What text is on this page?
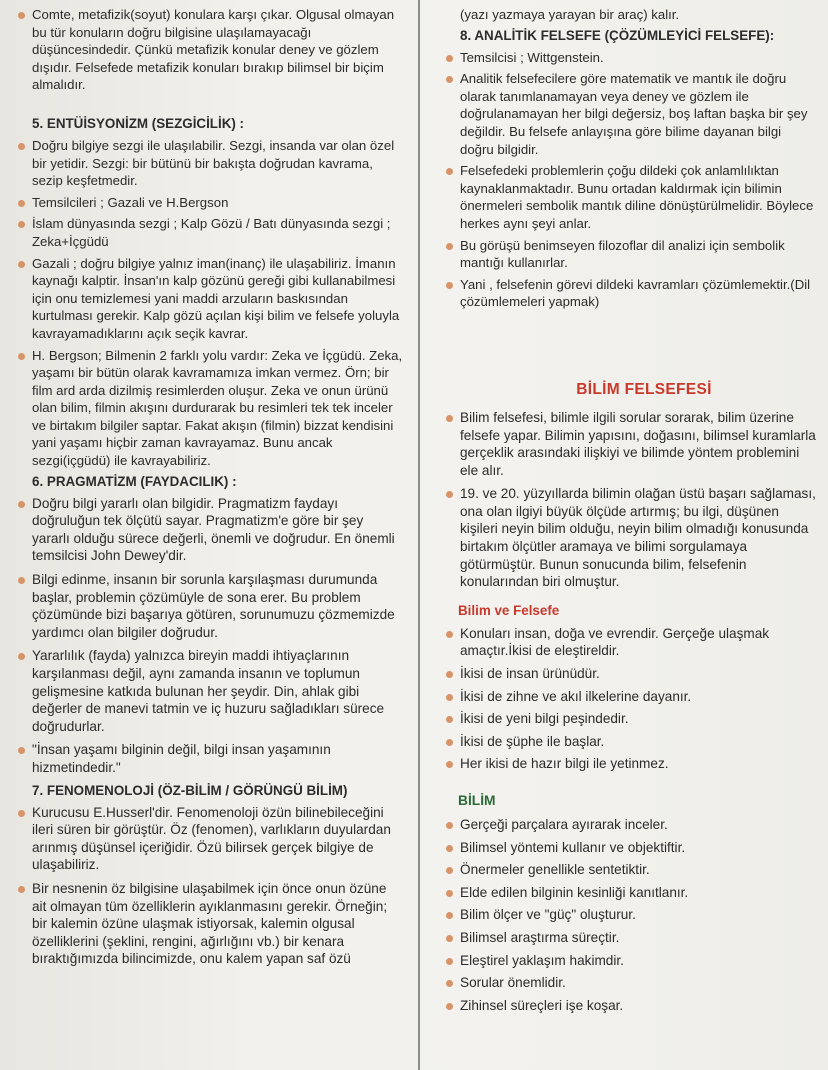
Comte, metafizik(soyut) konulara karşı çıkar. Olgusal olmayan bu tür konuların doğru bilgisine ulaşılamayacağı düşüncesindedir. Çünkü metafizik konular deney ve gözlem dışıdır. Felsefede metafizik konuları bırakıp bilimsel bir biçim almalıdır.
5. ENTÜİSYONİZM (SEZGİCİLİK) :
Doğru bilgiye sezgi ile ulaşılabilir. Sezgi, insanda var olan özel bir yetidir. Sezgi: bir bütünü bir bakışta doğrudan kavrama, sezip keşfetmedir.
Temsilcileri ; Gazali ve H.Bergson
İslam dünyasında sezgi ; Kalp Gözü / Batı dünyasında sezgi ; Zeka+İçgüdü
Gazali ; doğru bilgiye yalnız iman(inanç) ile ulaşabiliriz. İmanın kaynağı kalptir. İnsan'ın kalp gözünü gereği gibi kullanabilmesi için onu temizlemesi yani maddi arzuların baskısından kurtulması gerekir. Kalp gözü açılan kişi bilim ve felsefe yoluyla kavrayamadıklarını açık seçik kavrar.
H. Bergson; Bilmenin 2 farklı yolu vardır: Zeka ve İçgüdü. Zeka, yaşamı bir bütün olarak kavramamıza imkan vermez. Örn; bir film ard arda dizilmiş resimlerden oluşur. Zeka ve onun ürünü olan bilim, filmin akışını durdurarak bu resimleri tek tek inceler ve birtakım bilgiler saptar. Fakat akışın (filmin) bizzat kendisini yani yaşamı hiçbir zaman kavrayamaz. Bunu ancak sezgi(içgüdü) ile kavrayabiliriz.
6. PRAGMATİZM (FAYDACILIK) :
Doğru bilgi yararlı olan bilgidir. Pragmatizm faydayı doğruluğun tek ölçütü sayar. Pragmatizm'e göre bir şey yararlı olduğu sürece değerli, önemli ve doğrudur. En önemli temsilcisi John Dewey'dir.
Bilgi edinme, insanın bir sorunla karşılaşması durumunda başlar, problemin çözümüyle de sona erer. Bu problem çözümünde bizi başarıya götüren, sorunumuzu çözmemizde yardımcı olan bilgiler doğrudur.
Yararlılık (fayda) yalnızca bireyin maddi ihtiyaçlarının karşılanması değil, aynı zamanda insanın ve toplumun gelişmesine katkıda bulunan her şeydir. Din, ahlak gibi değerler de manevi tatmin ve iç huzuru sağladıkları sürece doğrudurlar.
"İnsan yaşamı bilginin değil, bilgi insan yaşamının hizmetindedir."
7. FENOMENOLOJİ (ÖZ-BİLİM / GÖRÜNGÜ BİLİM)
Kurucusu E.Husserl'dir. Fenomenoloji özün bilinebileceğini ileri süren bir görüştür. Öz (fenomen), varlıkların duyulardan arınmış düşünsel içeriğidir. Özü bilirsek gerçek bilgiye de ulaşabiliriz.
Bir nesnenin öz bilgisine ulaşabilmek için önce onun özüne ait olmayan tüm özelliklerin ayıklanmasını gerekir. Örneğin; bir kalemin özüne ulaşmak istiyorsak, kalemin olgusal özelliklerini (şeklini, rengini, ağırlığını vb.) bir kenara bıraktığımızda bilincimizde, onu kalem yapan saf özü
(yazı yazmaya yarayan bir araç) kalır.
8. ANALİTİK FELSEFE (ÇÖZÜMLEYİCİ FELSEFE):
Temsilcisi ; Wittgenstein.
Analitik felsefecilere göre matematik ve mantık ile doğru olarak tanımlanamayan veya deney ve gözlem ile doğrulanamayan her bilgi değersiz, boş laftan başka bir şey değildir. Bu felsefe anlayışına göre bilime dayanan bilgi doğru bilgidir.
Felsefedeki problemlerin çoğu dildeki çok anlamlılıktan kaynaklanmaktadır. Bunu ortadan kaldırmak için bilimin önermeleri sembolik mantık diline dönüştürülmelidir. Böylece herkes aynı şeyi anlar.
Bu görüşü benimseyen filozoflar dil analizi için sembolik mantığı kullanırlar.
Yani , felsefenin görevi dildeki kavramları çözümlemektir.(Dil çözümlemeleri yapmak)
BİLİM FELSEFESİ
Bilim felsefesi, bilimle ilgili sorular sorarak, bilim üzerine felsefe yapar. Bilimin yapısını, doğasını, bilimsel kuramlarla gerçeklik arasındaki ilişkiyi ve bilimde yöntem problemini ele alır.
19. ve 20. yüzyıllarda bilimin olağan üstü başarı sağlaması, ona olan ilgiyi büyük ölçüde artırmış; bu ilgi, düşünen kişileri neyin bilim olduğu, neyin bilim olmadığı konusunda birtakım ölçütler aramaya ve bilimi sorgulamaya götürmüştür. Bunun sonucunda bilim, felsefenin konularından biri olmuştur.
Bilim ve Felsefe
Konuları insan, doğa ve evrendir. Gerçeğe ulaşmak amaçtır.İkisi de eleştireldir.
İkisi de insan ürünüdür.
İkisi de zihne ve akıl ilkelerine dayanır.
İkisi de yeni bilgi peşindedir.
İkisi de şüphe ile başlar.
Her ikisi de hazır bilgi ile yetinmez.
BİLİM
Gerçeği parçalara ayırarak inceler.
Bilimsel yöntemi kullanır ve objektiftir.
Önermeler genellikle sentetiktir.
Elde edilen bilginin kesinliği kanıtlanır.
Bilim ölçer ve "güç" oluşturur.
Bilimsel araştırma süreçtir.
Eleştirel yaklaşım hakimdir.
Sorular önemlidir.
Zihinsel süreçleri işe koşar.
